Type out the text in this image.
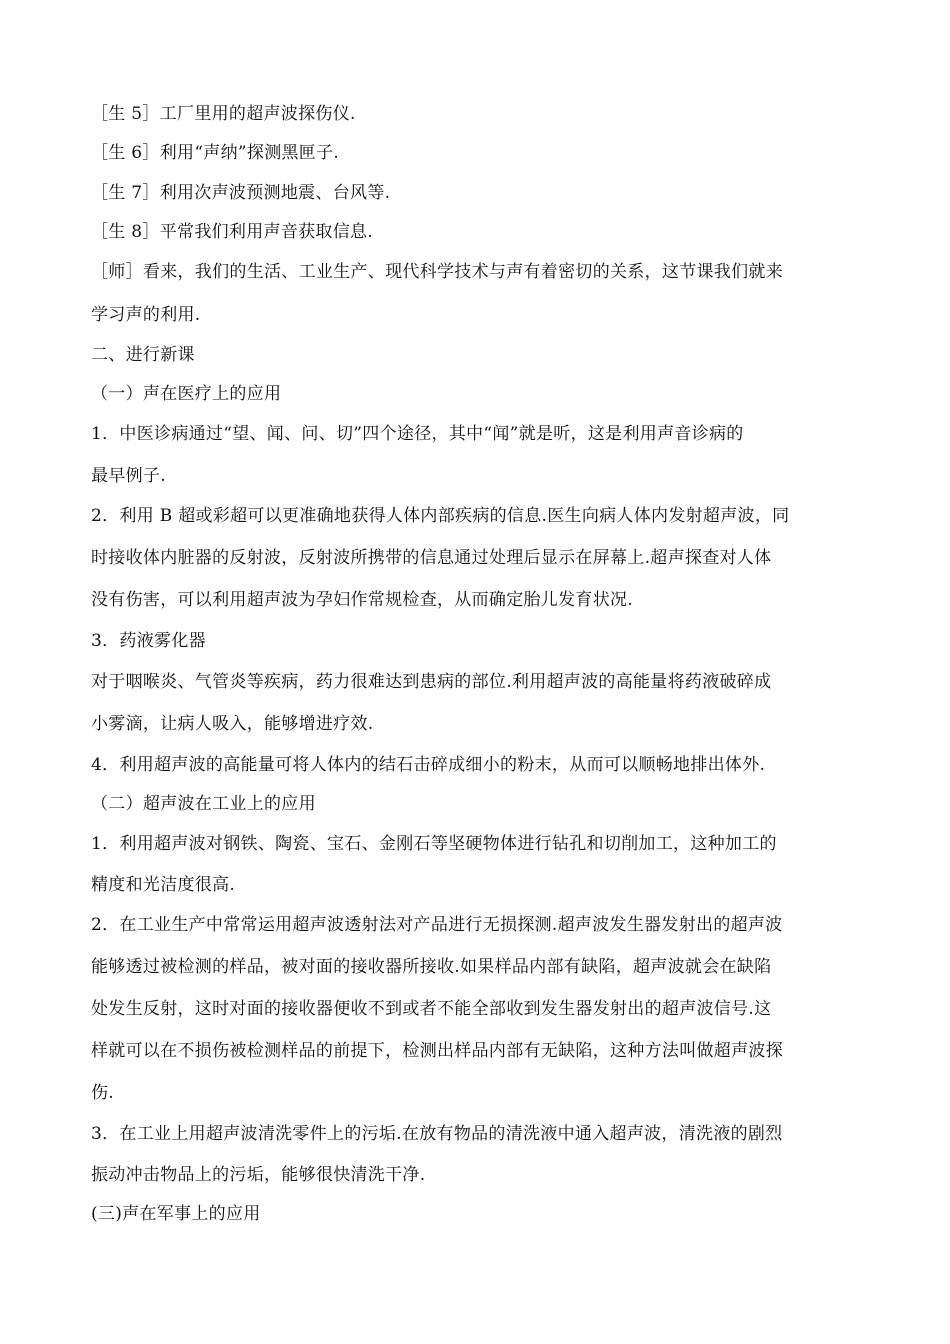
［生 5］工厂里用的超声波探伤仪.
［生 6］利用“声纳”探测黑匣子.
［生 7］利用次声波预测地震、台风等.
［生 8］平常我们利用声音获取信息.
［师］看来，我们的生活、工业生产、现代科学技术与声有着密切的关系，这节课我们就来
学习声的利用.
二、进行新课
（一）声在医疗上的应用
1．中医诊病通过“望、闻、问、切”四个途径，其中“闻”就是听，这是利用声音诊病的
最早例子.
2．利用 B 超或彩超可以更准确地获得人体内部疾病的信息.医生向病人体内发射超声波，同
时接收体内脏器的反射波，反射波所携带的信息通过处理后显示在屏幕上.超声探查对人体
没有伤害，可以利用超声波为孕妇作常规检查，从而确定胎儿发育状况.
3．药液雾化器
对于咽喉炎、气管炎等疾病，药力很难达到患病的部位.利用超声波的高能量将药液破碎成
小雾滴，让病人吸入，能够增进疗效.
4．利用超声波的高能量可将人体内的结石击碎成细小的粉末，从而可以顺畅地排出体外.
（二）超声波在工业上的应用
1．利用超声波对钢铁、陶瓷、宝石、金刚石等坚硬物体进行钻孔和切削加工，这种加工的
精度和光洁度很高.
2．在工业生产中常常运用超声波透射法对产品进行无损探测.超声波发生器发射出的超声波
能够透过被检测的样品，被对面的接收器所接收.如果样品内部有缺陷，超声波就会在缺陷
处发生反射，这时对面的接收器便收不到或者不能全部收到发生器发射出的超声波信号.这
样就可以在不损伤被检测样品的前提下，检测出样品内部有无缺陷，这种方法叫做超声波探
伤.
3．在工业上用超声波清洗零件上的污垢.在放有物品的清洗液中通入超声波，清洗液的剧烈
振动冲击物品上的污垢，能够很快清洗干净.
(三)声在军事上的应用
